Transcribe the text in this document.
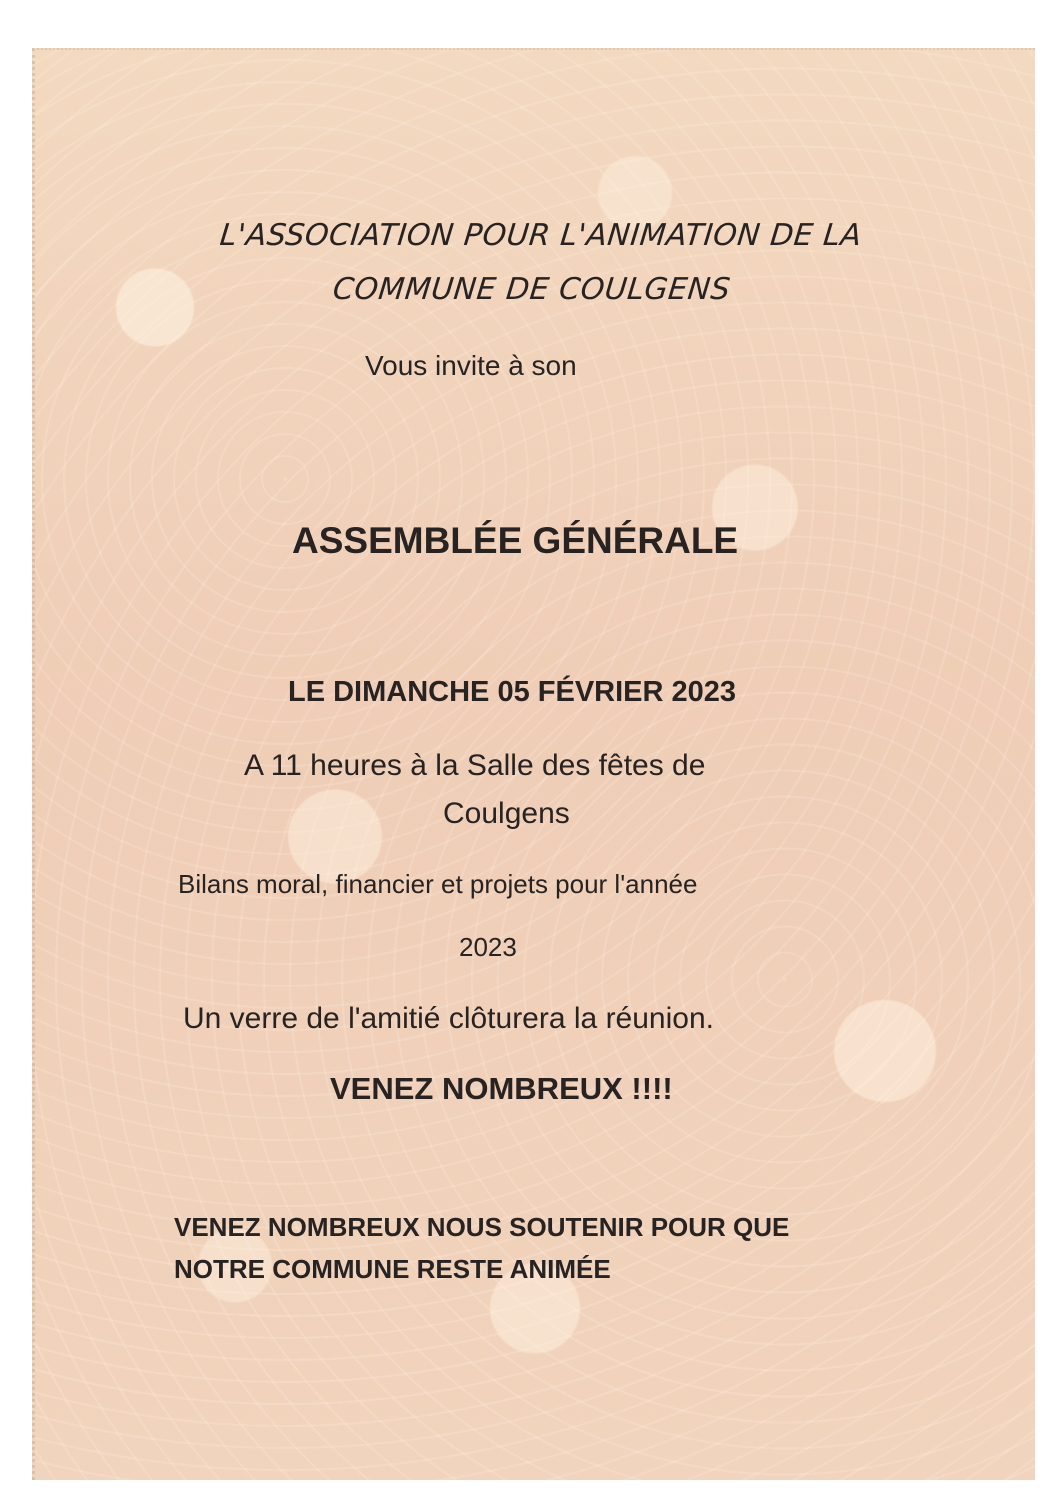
L'ASSOCIATION POUR L'ANIMATION DE LA

COMMUNE DE COULGENS

Vous invite à son

ASSEMBLÉE GÉNÉRALE

LE DIMANCHE 05 FÉVRIER 2023

A 11 heures à la Salle des fêtes de

Coulgens

Bilans moral, financier et projets pour l'année

2023

Un verre de l'amitié clôturera la réunion.

VENEZ NOMBREUX !!!!

VENEZ NOMBREUX NOUS SOUTENIR POUR QUE

NOTRE COMMUNE RESTE ANIMÉE
